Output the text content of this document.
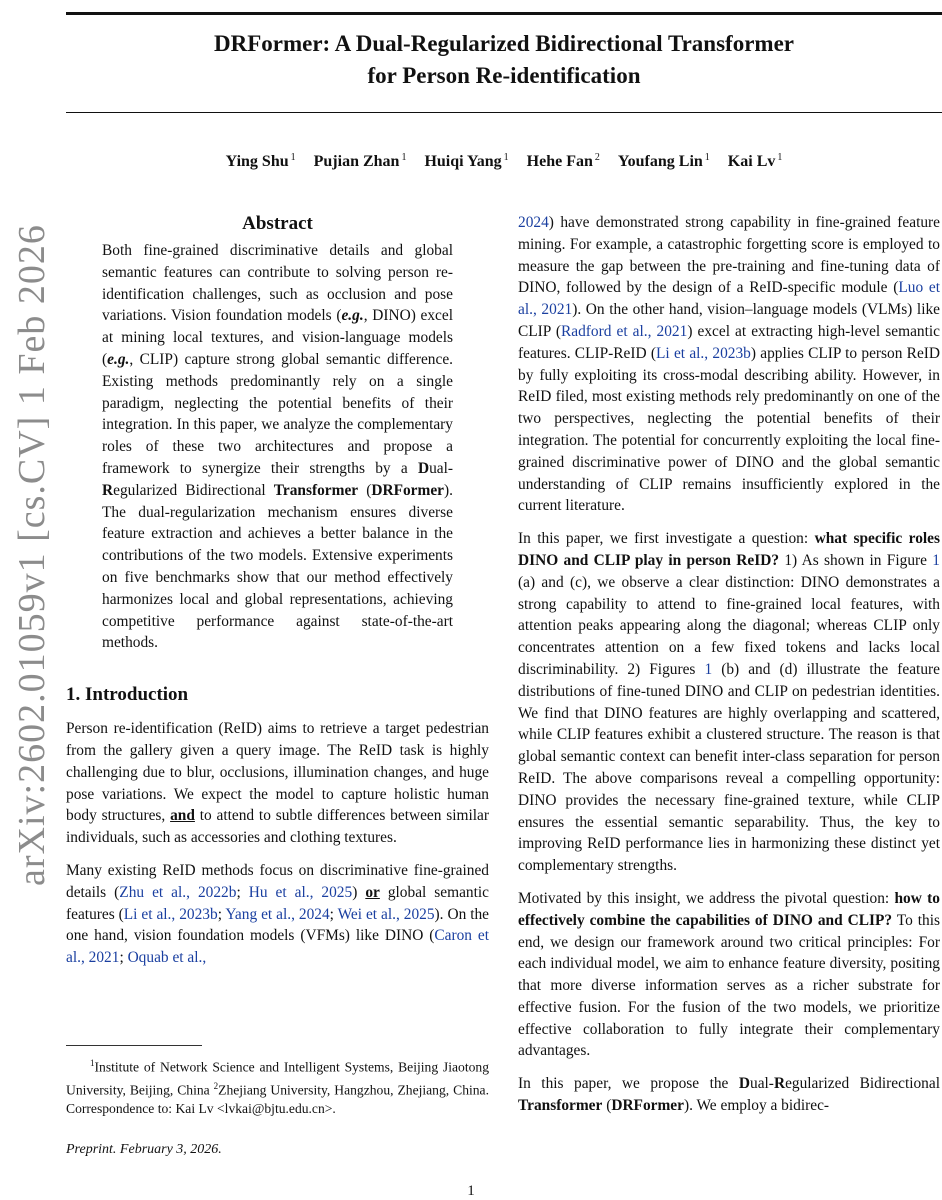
DRFormer: A Dual-Regularized Bidirectional Transformer
for Person Re-identification
Ying Shu $^1$ Pujian Zhan $^1$ Huiqi Yang $^1$ Hehe Fan $^2$ Youfang Lin $^1$ Kai Lv $^1$
arXiv:2602.01059v1 [cs.CV] 1 Feb 2026
Abstract
Both fine-grained discriminative details and global semantic features can contribute to solving person re-identification challenges, such as occlusion and pose variations. Vision foundation models (e.g., DINO) excel at mining local textures, and vision-language models (e.g., CLIP) capture strong global semantic difference. Existing methods predominantly rely on a single paradigm, neglecting the potential benefits of their integration. In this paper, we analyze the complementary roles of these two architectures and propose a framework to synergize their strengths by a Dual-Regularized Bidirectional Transformer (DRFormer). The dual-regularization mechanism ensures diverse feature extraction and achieves a better balance in the contributions of the two models. Extensive experiments on five benchmarks show that our method effectively harmonizes local and global representations, achieving competitive performance against state-of-the-art methods.
1. Introduction

Person re-identification (ReID) aims to retrieve a target pedestrian from the gallery given a query image. The ReID task is highly challenging due to blur, occlusions, illumination changes, and huge pose variations. We expect the model to capture holistic human body structures, and to attend to subtle differences between similar individuals, such as accessories and clothing textures.

Many existing ReID methods focus on discriminative fine-grained details (Zhu et al., 2022b; Hu et al., 2025) or global semantic features (Li et al., 2023b; Yang et al., 2024; Wei et al., 2025). On the one hand, vision foundation models (VFMs) like DINO (Caron et al., 2021; Oquab et al.,

2024) have demonstrated strong capability in fine-grained feature mining. For example, a catastrophic forgetting score is employed to measure the gap between the pre-training and fine-tuning data of DINO, followed by the design of a ReID-specific module (Luo et al., 2021). On the other hand, vision–language models (VLMs) like CLIP (Radford et al., 2021) excel at extracting high-level semantic features. CLIP-ReID (Li et al., 2023b) applies CLIP to person ReID by fully exploiting its cross-modal describing ability. However, in ReID filed, most existing methods rely predominantly on one of the two perspectives, neglecting the potential benefits of their integration. The potential for concurrently exploiting the local fine-grained discriminative power of DINO and the global semantic understanding of CLIP remains insufficiently explored in the current literature.

In this paper, we first investigate a question: what specific roles DINO and CLIP play in person ReID? 1) As shown in Figure 1 (a) and (c), we observe a clear distinction: DINO demonstrates a strong capability to attend to fine-grained local features, with attention peaks appearing along the diagonal; whereas CLIP only concentrates attention on a few fixed tokens and lacks local discriminability. 2) Figures 1 (b) and (d) illustrate the feature distributions of fine-tuned DINO and CLIP on pedestrian identities. We find that DINO features are highly overlapping and scattered, while CLIP features exhibit a clustered structure. The reason is that global semantic context can benefit inter-class separation for person ReID. The above comparisons reveal a compelling opportunity: DINO provides the necessary fine-grained texture, while CLIP ensures the essential semantic separability. Thus, the key to improving ReID performance lies in harmonizing these distinct yet complementary strengths.

Motivated by this insight, we address the pivotal question: how to effectively combine the capabilities of DINO and CLIP? To this end, we design our framework around two critical principles: For each individual model, we aim to enhance feature diversity, positing that more diverse information serves as a richer substrate for effective fusion. For the fusion of the two models, we prioritize effective collaboration to fully integrate their complementary advantages.

In this paper, we propose the Dual-Regularized Bidirectional Transformer (DRFormer). We employ a bidirec-

$^1$Institute of Network Science and Intelligent Systems, Beijing Jiaotong University, Beijing, China $^2$Zhejiang University, Hangzhou, Zhejiang, China. Correspondence to: Kai Lv <lvkai@bjtu.edu.cn>.
Preprint. February 3, 2026.
1
